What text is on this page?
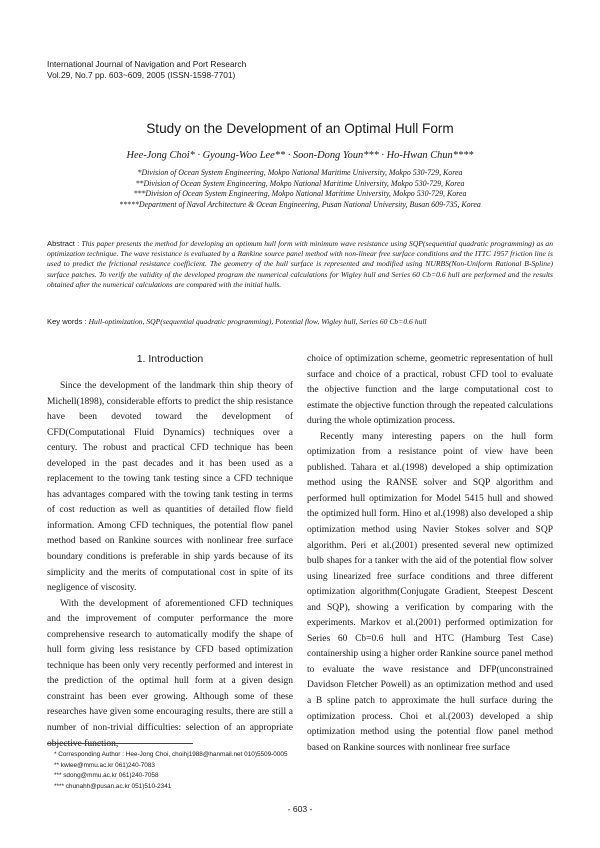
International Journal of Navigation and Port Research
Vol.29, No.7 pp. 603~609, 2005 (ISSN-1598-7701)
Study on the Development of an Optimal Hull Form
Hee-Jong Choi* · Gyoung-Woo Lee** · Soon-Dong Youn*** · Ho-Hwan Chun****
*Division of Ocean System Engineering, Mokpo National Maritime University, Mokpo 530-729, Korea
**Division of Ocean System Engineering, Mokpo National Maritime University, Mokpo 530-729, Korea
***Division of Ocean System Engineering, Mokpo National Maritime University, Mokpo 530-729, Korea
*****Department of Naval Architecture & Ocean Engineering, Pusan National University, Busan 609-735, Korea
Abstract : This paper presents the method for developing an optimum hull form with minimum wave resistance using SQP(sequential quadratic programming) as an optimization technique. The wave resistance is evaluated by a Rankine source panel method with non-linear free surface conditions and the ITTC 1957 friction line is used to predict the frictional resistance coefficient. The geometry of the hull surface is represented and modified using NURBS(Non-Uniform Rational B-Spline) surface patches. To verify the validity of the developed program the numerical calculations for Wigley hull and Series 60 Cb=0.6 hull are performed and the results obtained after the numerical calculations are compared with the initial hulls.
Key words : Hull-optimization, SQP(sequential quadratic programming), Potential flow, Wigley hull, Series 60 Cb=0.6 hull
1. Introduction

Since the development of the landmark thin ship theory of Michell(1898), considerable efforts to predict the ship resistance have been devoted toward the development of CFD(Computational Fluid Dynamics) techniques over a century. The robust and practical CFD technique has been developed in the past decades and it has been used as a replacement to the towing tank testing since a CFD technique has advantages compared with the towing tank testing in terms of cost reduction as well as quantities of detailed flow field information. Among CFD techniques, the potential flow panel method based on Rankine sources with nonlinear free surface boundary conditions is preferable in ship yards because of its simplicity and the merits of computational cost in spite of its negligence of viscosity.

With the development of aforementioned CFD techniques and the improvement of computer performance the more comprehensive research to automatically modify the shape of hull form giving less resistance by CFD based optimization technique has been only very recently performed and interest in the prediction of the optimal hull form at a given design constraint has been ever growing. Although some of these researches have given some encouraging results, there are still a number of non-trivial difficulties: selection of an appropriate objective function,

choice of optimization scheme, geometric representation of hull surface and choice of a practical, robust CFD tool to evaluate the objective function and the large computational cost to estimate the objective function through the repeated calculations during the whole optimization process.

Recently many interesting papers on the hull form optimization from a resistance point of view have been published. Tahara et al.(1998) developed a ship optimization method using the RANSE solver and SQP algorithm and performed hull optimization for Model 5415 hull and showed the optimized hull form. Hino et al.(1998) also developed a ship optimization method using Navier Stokes solver and SQP algorithm. Peri et al.(2001) presented several new optimized bulb shapes for a tanker with the aid of the potential flow solver using linearized free surface conditions and three different optimization algorithm(Conjugate Gradient, Steepest Descent and SQP), showing a verification by comparing with the experiments. Markov et al.(2001) performed optimization for Series 60 Cb=0.6 hull and HTC (Hamburg Test Case) containership using a higher order Rankine source panel method to evaluate the wave resistance and DFP(unconstrained Davidson Fletcher Powell) as an optimization method and used a B spline patch to approximate the hull surface during the optimization process. Choi et al.(2003) developed a ship optimization method using the potential flow panel method based on Rankine sources with nonlinear free surface

* Corresponding Author : Hee-Jong Choi, choihj1988@hanmail.net 010)5509-0005
** kwlee@mmu.ac.kr 061)240-7083
*** sdong@mmu.ac.kr 061)240-7058
**** chunahh@pusan.ac.kr 051)510-2341
- 603 -
